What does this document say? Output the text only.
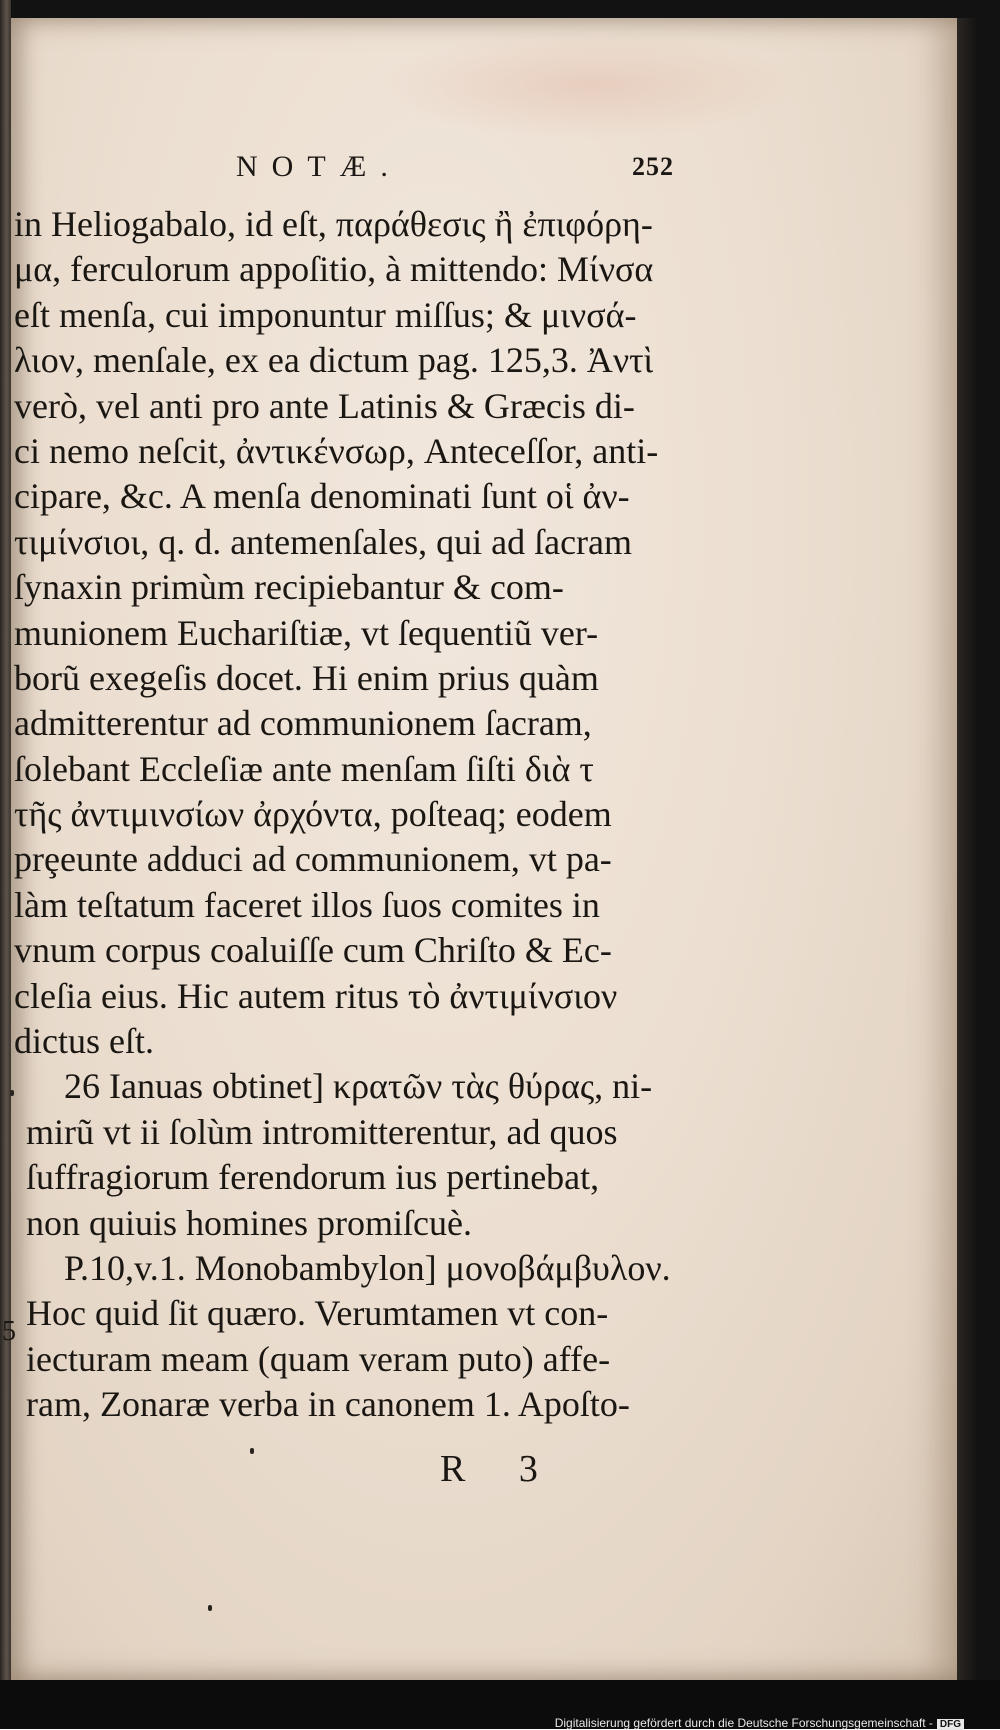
NOTÆ.	252
in Heliogabalo, id eſt, παράθεσις ἢ ἐπιφόρη-
μα, ferculorum appoſitio, à mittendo: Μίνσα
eſt menſa, cui imponuntur miſſus; & μινσά-
λιον, menſale, ex ea dictum pag. 125,3. Ἀντὶ
verò, vel anti pro ante Latinis & Græcis di-
ci nemo neſcit, ἀντικένσωρ, Anteceſſor, anti-
cipare, &c. A menſa denominati ſunt οἱ ἀν-
τιμίνσιοι, q. d. antemenſales, qui ad ſacram
ſynaxin primùm recipiebantur & com-
munionem Euchariſtiæ, vt ſequentiũ ver-
borũ exegeſis docet. Hi enim prius quàm
admitterentur ad communionem ſacram,
ſolebant Eccleſiæ ante menſam ſiſti διὰ τ
τῆς ἀντιμινσίων ἀρχόντα, poſteaq; eodem
prȩeunte adduci ad communionem, vt pa-
làm teſtatum faceret illos ſuos comites in
vnum corpus coaluiſſe cum Chriſto & Ec-
cleſia eius. Hic autem ritus τὸ ἀντιμίνσιον
dictus eſt.
26 Ianuas obtinet] κρατῶν τὰς θύρας, ni-
mirũ vt ii ſolùm intromitterentur, ad quos
ſuffragiorum ferendorum ius pertinebat,
non quiuis homines promiſcuè.
P.10,v.1. Monobambylon] μονοβάμβυλον.
Hoc quid ſit quæro. Verumtamen vt con-
iecturam meam (quam veram puto) affe-
ram, Zonaræ verba in canonem 1. Apoſto-
5
R 3
Digitalisierung gefördert durch die Deutsche Forschungsgemeinschaft - DFG
